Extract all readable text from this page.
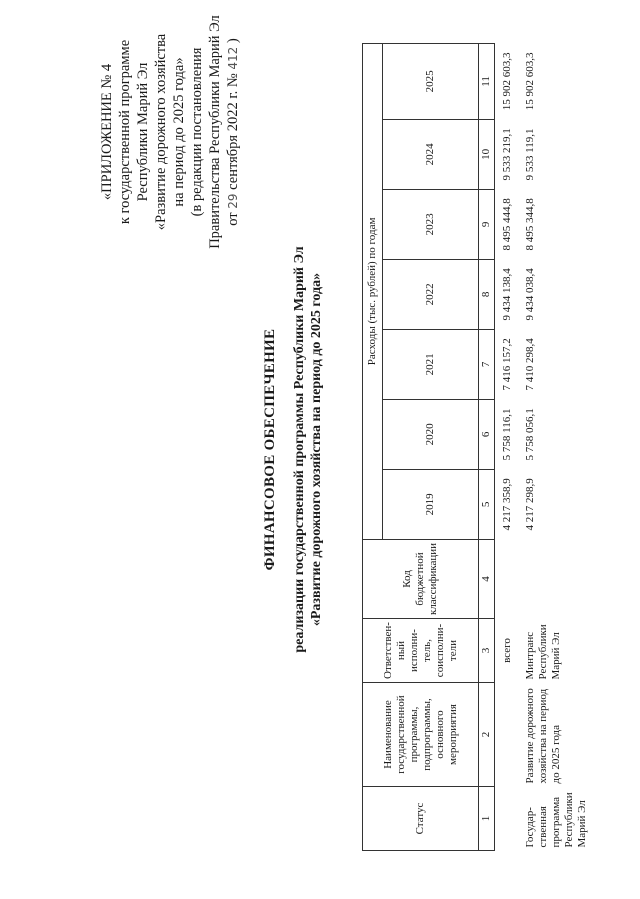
«ПРИЛОЖЕНИЕ № 4 к государственной программе Республики Марий Эл «Развитие дорожного хозяйства на период до 2025 года» (в редакции постановления Правительства Республики Марий Эл от 29 сентября 2022 г. № 412 )
ФИНАНСОВОЕ ОБЕСПЕЧЕНИЕ реализации государственной программы Республики Марий Эл «Развитие дорожного хозяйства на период до 2025 года»
Статус	Наименование государственной программы, подпрограммы, основного мероприятия	Ответствен-ный исполни-тель, соисполни-тели	Код бюджетной классификации	Расходы (тыс. рублей) по годам						
				2019	2020	2021	2022	2023	2024	2025
1	2	3	4	5	6	7	8	9	10	11
		всего		4 217 358,9	5 758 116,1	7 416 157,2	9 434 138,4	8 495 444,8	9 533 219,1	15 902 603,3
Государ-ственная программа Республики Марий Эл	Развитие дорожного хозяйства на период до 2025 года	Минтранс Республики Марий Эл		4 217 298,9	5 758 056,1	7 410 298,4	9 434 038,4	8 495 344,8	9 533 119,1	15 902 603,3
